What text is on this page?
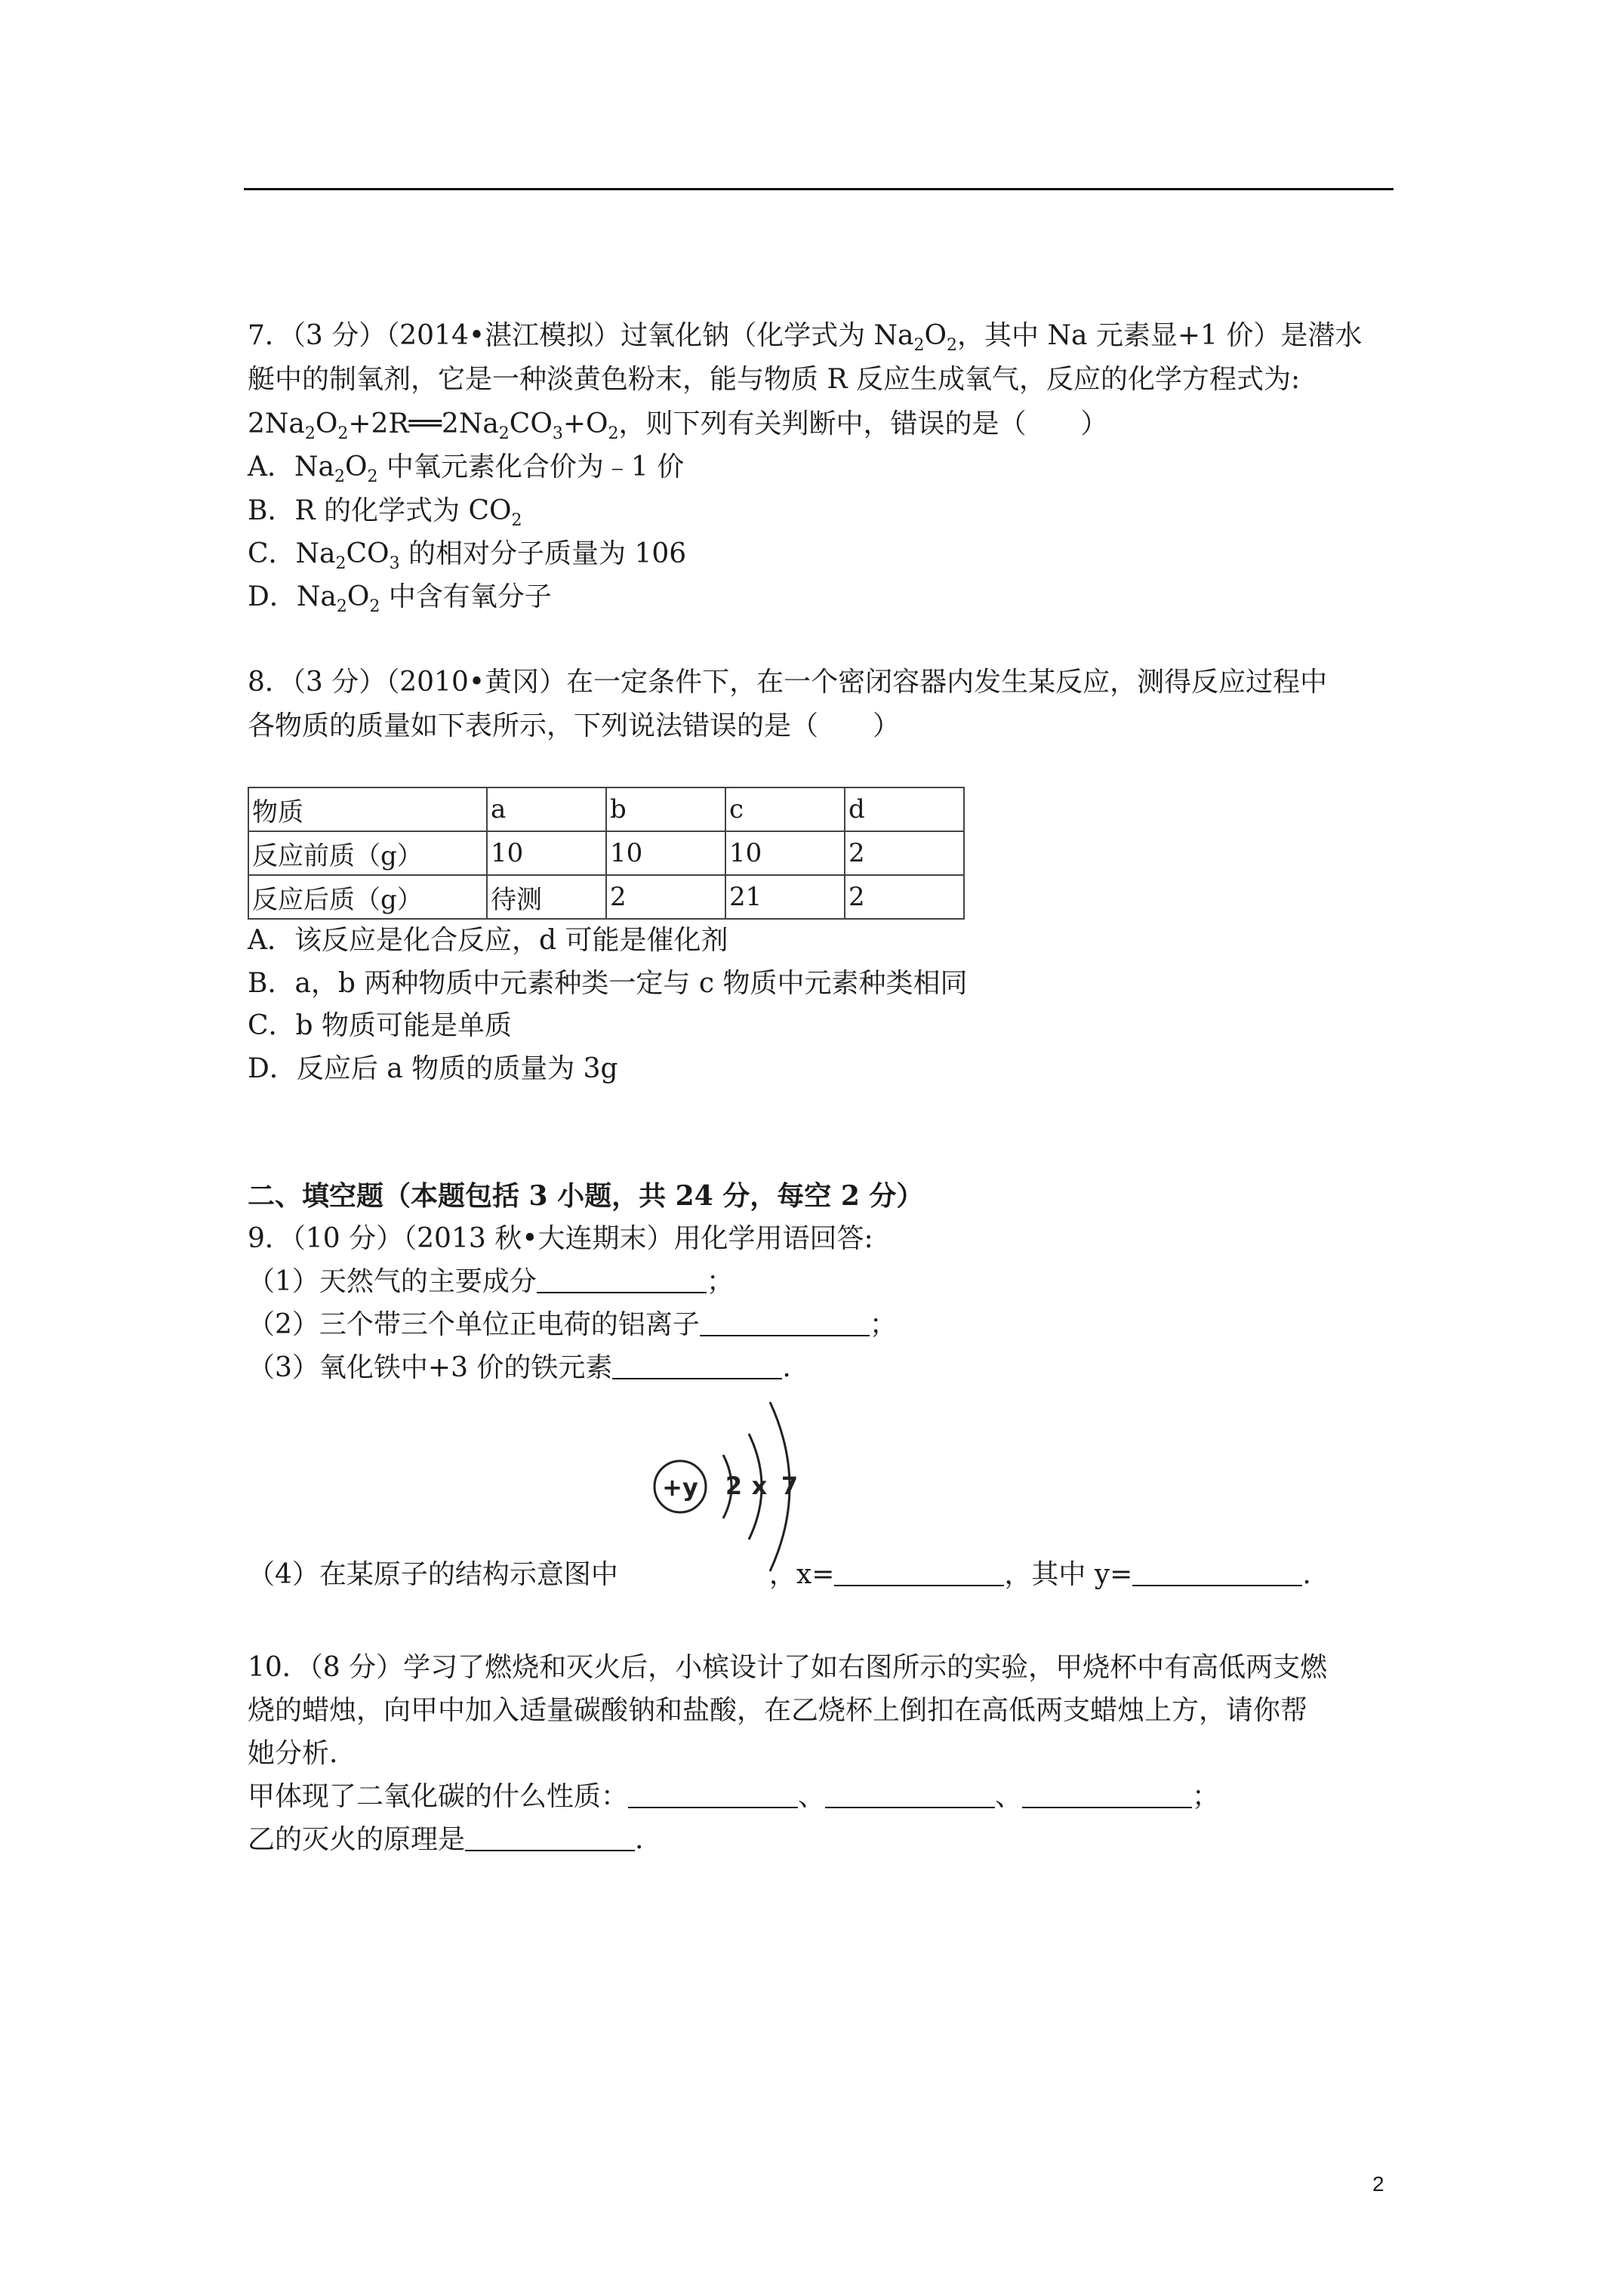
7．（3 分）（2014•湛江模拟）过氧化钠（化学式为 $Na_2O_2$，其中 Na 元素显+1 价）是潜水
艇中的制氧剂，它是一种淡黄色粉末，能与物质 R 反应生成氧气，反应的化学方程式为:
$2Na_2O_2+2R══2Na_2CO_3+O_2$，则下列有关判断中，错误的是（　　）
A．$Na_2O_2$ 中氧元素化合价为﹣1 价
B．R 的化学式为 $CO_2$
C．$Na_2CO_3$ 的相对分子质量为 106
D．$Na_2O_2$ 中含有氧分子
8．（3 分）（2010•黄冈）在一定条件下，在一个密闭容器内发生某反应，测得反应过程中
各物质的质量如下表所示，下列说法错误的是（　　）
物质	a	b	c	d
反应前质（g）	10	10	10	2
反应后质（g）	待测	2	21	2
A．该反应是化合反应，d 可能是催化剂
B．a，b 两种物质中元素种类一定与 c 物质中元素种类相同
C．b 物质可能是单质
D．反应后 a 物质的质量为 3g
二、填空题（本题包括 3 小题，共 24 分，每空 2 分）
9．（10 分）（2013 秋•大连期末）用化学用语回答:
（1）天然气的主要成分	；
（2）三个带三个单位正电荷的铝离子	；
（3）氧化铁中+3 价的铁元素	.
+y 2 x 7
（4）在某原子的结构示意图中	，x=	，其中 y=	.
10．（8 分）学习了燃烧和灭火后，小槟设计了如右图所示的实验，甲烧杯中有高低两支燃
烧的蜡烛，向甲中加入适量碳酸钠和盐酸，在乙烧杯上倒扣在高低两支蜡烛上方，请你帮
她分析.
甲体现了二氧化碳的什么性质：	、	、	；
乙的灭火的原理是	.
2
